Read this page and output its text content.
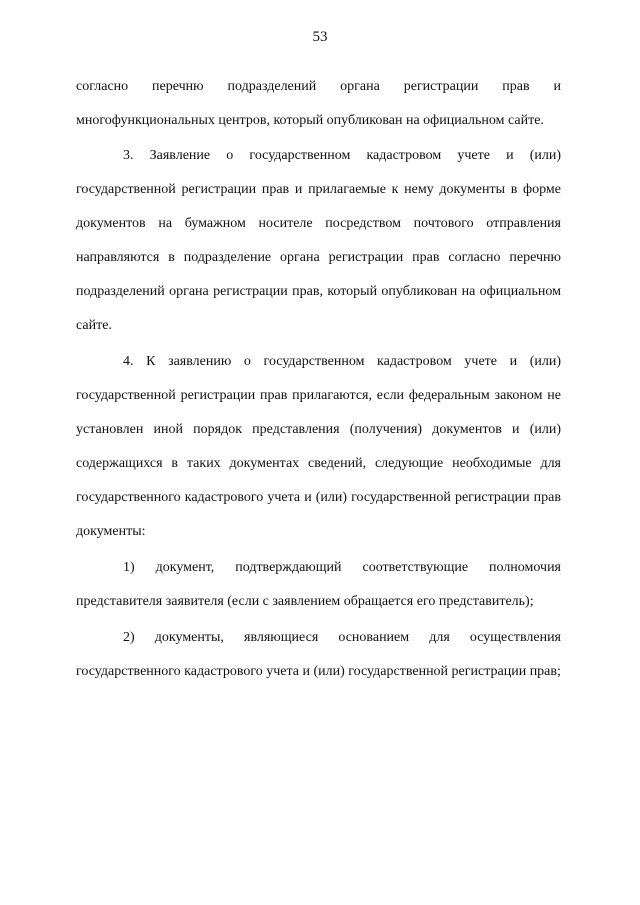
53

согласно перечню подразделений органа регистрации прав и многофункциональных центров, который опубликован на официальном сайте.

3. Заявление о государственном кадастровом учете и (или) государственной регистрации прав и прилагаемые к нему документы в форме документов на бумажном носителе посредством почтового отправления направляются в подразделение органа регистрации прав согласно перечню подразделений органа регистрации прав, который опубликован на официальном сайте.

4. К заявлению о государственном кадастровом учете и (или) государственной регистрации прав прилагаются, если федеральным законом не установлен иной порядок представления (получения) документов и (или) содержащихся в таких документах сведений, следующие необходимые для государственного кадастрового учета и (или) государственной регистрации прав документы:

1) документ, подтверждающий соответствующие полномочия представителя заявителя (если с заявлением обращается его представитель);

2) документы, являющиеся основанием для осуществления государственного кадастрового учета и (или) государственной регистрации прав;
